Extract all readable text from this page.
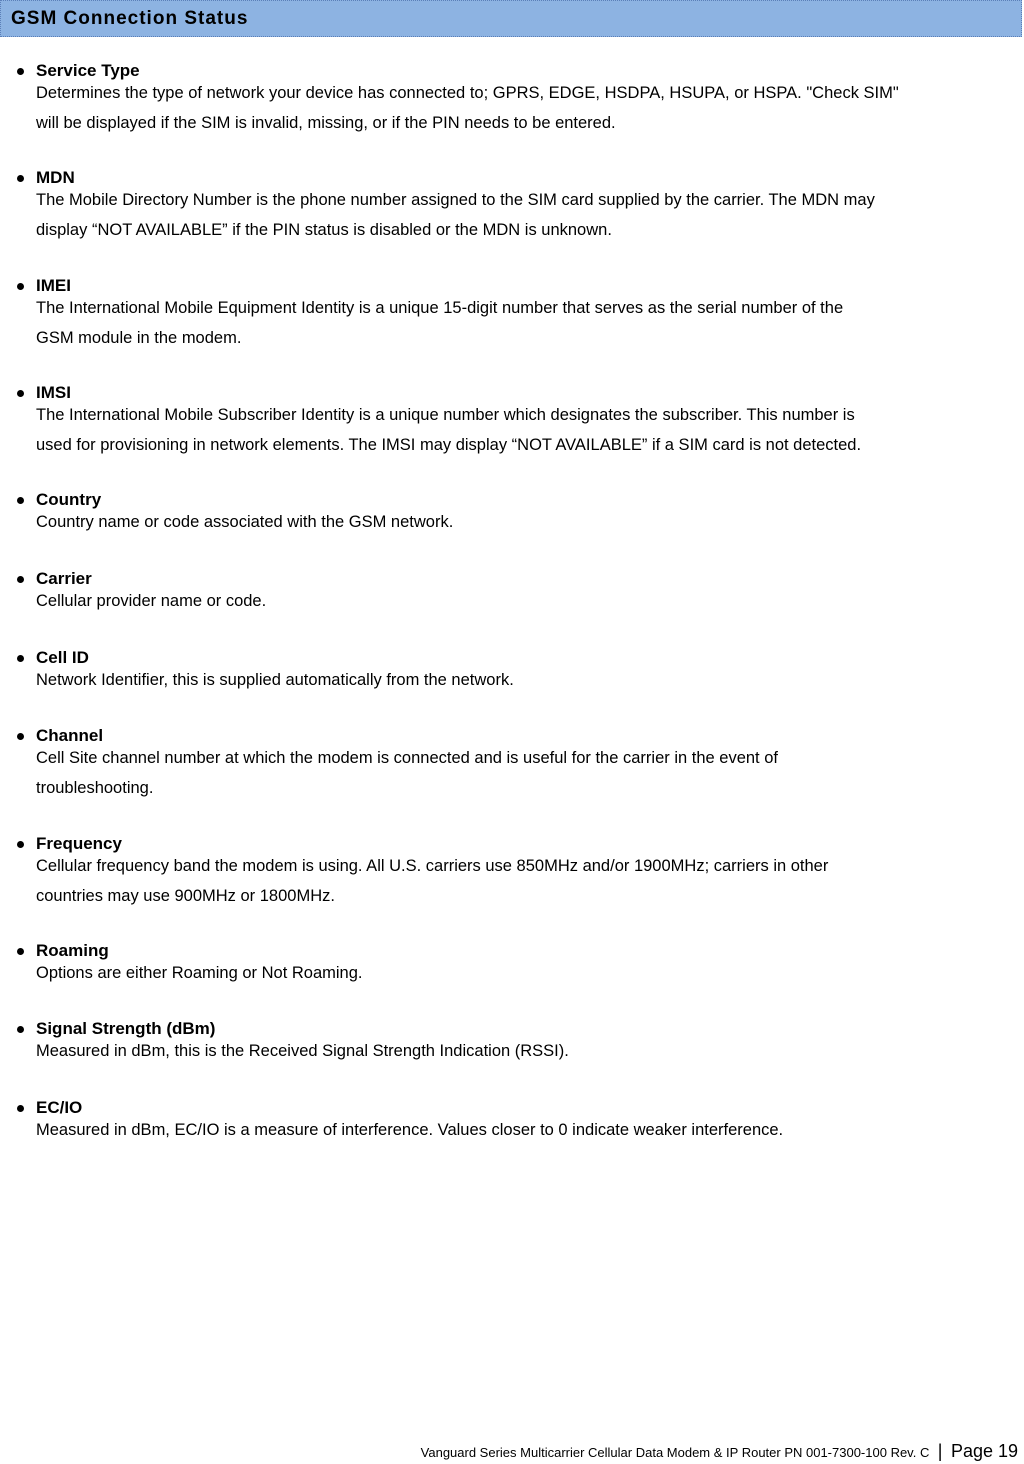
GSM Connection Status
Service Type
Determines the type of network your device has connected to; GPRS, EDGE, HSDPA, HSUPA, or HSPA. "Check SIM"
will be displayed if the SIM is invalid, missing, or if the PIN needs to be entered.
MDN
The Mobile Directory Number is the phone number assigned to the SIM card supplied by the carrier. The MDN may
display “NOT AVAILABLE” if the PIN status is disabled or the MDN is unknown.
IMEI
The International Mobile Equipment Identity is a unique 15-digit number that serves as the serial number of the
GSM module in the modem.
IMSI
The International Mobile Subscriber Identity is a unique number which designates the subscriber. This number is
used for provisioning in network elements. The IMSI may display “NOT AVAILABLE” if a SIM card is not detected.
Country
Country name or code associated with the GSM network.
Carrier
Cellular provider name or code.
Cell ID
Network Identifier, this is supplied automatically from the network.
Channel
Cell Site channel number at which the modem is connected and is useful for the carrier in the event of
troubleshooting.
Frequency
Cellular frequency band the modem is using. All U.S. carriers use 850MHz and/or 1900MHz; carriers in other
countries may use 900MHz or 1800MHz.
Roaming
Options are either Roaming or Not Roaming.
Signal Strength (dBm)
Measured in dBm, this is the Received Signal Strength Indication (RSSI).
EC/IO
Measured in dBm, EC/IO is a measure of interference. Values closer to 0 indicate weaker interference.
Vanguard Series Multicarrier Cellular Data Modem & IP Router PN 001-7300-100 Rev. C | Page 19
